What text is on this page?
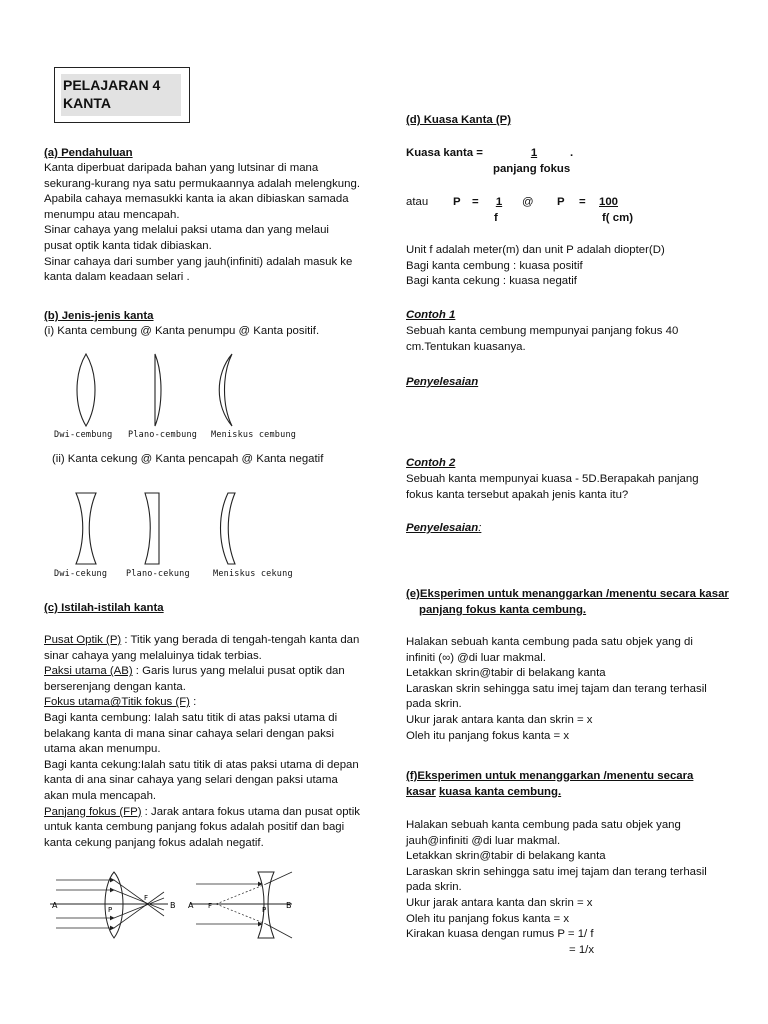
PELAJARAN 4
KANTA

(a) Pendahuluan

Kanta diperbuat daripada bahan yang lutsinar di mana

sekurang-kurang nya satu permukaannya adalah melengkung.

Apabila cahaya memasukki kanta ia akan dibiaskan samada

menumpu atau mencapah.

Sinar cahaya yang melalui paksi utama dan yang melaui

pusat optik kanta tidak dibiaskan.

Sinar cahaya dari sumber yang jauh(infiniti) adalah masuk ke

kanta dalam keadaan selari .

(b) Jenis-jenis kanta

(i) Kanta cembung @ Kanta penumpu @ Kanta positif.

Dwi-cembung Plano-cembung Meniskus cembung

(ii) Kanta cekung @ Kanta pencapah @ Kanta negatif

Dwi-cekung Plano-cekung	Meniskus cekung

(c) Istilah-istilah kanta

Pusat Optik (P) : Titik yang berada di tengah-tengah kanta dan

sinar cahaya yang melaluinya tidak terbias.

Paksi utama (AB) : Garis lurus yang melalui pusat optik dan

berserenjang dengan kanta.

Fokus utama@Titik fokus (F) :

Bagi kanta cembung: Ialah satu titik di atas paksi utama di

belakang kanta di mana sinar cahaya selari dengan paksi

utama akan menumpu.

Bagi kanta cekung:Ialah satu titik di atas paksi utama di depan

kanta di ana sinar cahaya yang selari dengan paksi utama

akan mula mencapah.

Panjang fokus (FP) : Jarak antara fokus utama dan pusat optik

untuk kanta cembung panjang fokus adalah positif dan bagi

kanta cekung panjang fokus adalah negatif.

A	P
F
B A F	P B

(d) Kuasa Kanta (P)

Kuasa kanta =	1	.

panjang fokus

atau P =	1

f

@ P = 100

f( cm)

Unit f adalah meter(m) dan unit P adalah diopter(D)

Bagi kanta cembung : kuasa positif

Bagi kanta cekung : kuasa negatif

Contoh 1

Sebuah kanta cembung mempunyai panjang fokus 40

cm.Tentukan kuasanya.

Penyelesaian

Contoh 2

Sebuah kanta mempunyai kuasa - 5D.Berapakah panjang

fokus kanta tersebut apakah jenis kanta itu?

Penyelesaian:

(e)Eksperimen untuk menanggarkan /menentu secara kasar

panjang fokus kanta cembung.

Halakan sebuah kanta cembung pada satu objek yang di

infiniti (∞) @di luar makmal.

Letakkan skrin@tabir di belakang kanta

Laraskan skrin sehingga satu imej tajam dan terang terhasil

pada skrin.

Ukur jarak antara kanta dan skrin = x

Oleh itu panjang fokus kanta = x

(f)Eksperimen untuk menanggarkan /menentu secara

kasar kuasa kanta cembung.

Halakan sebuah kanta cembung pada satu objek yang

jauh@infiniti @di luar makmal.

Letakkan skrin@tabir di belakang kanta

Laraskan skrin sehingga satu imej tajam dan terang terhasil

pada skrin.

Ukur jarak antara kanta dan skrin = x

Oleh itu panjang fokus kanta = x

Kirakan kuasa dengan rumus P = 1/ f

= 1/x
